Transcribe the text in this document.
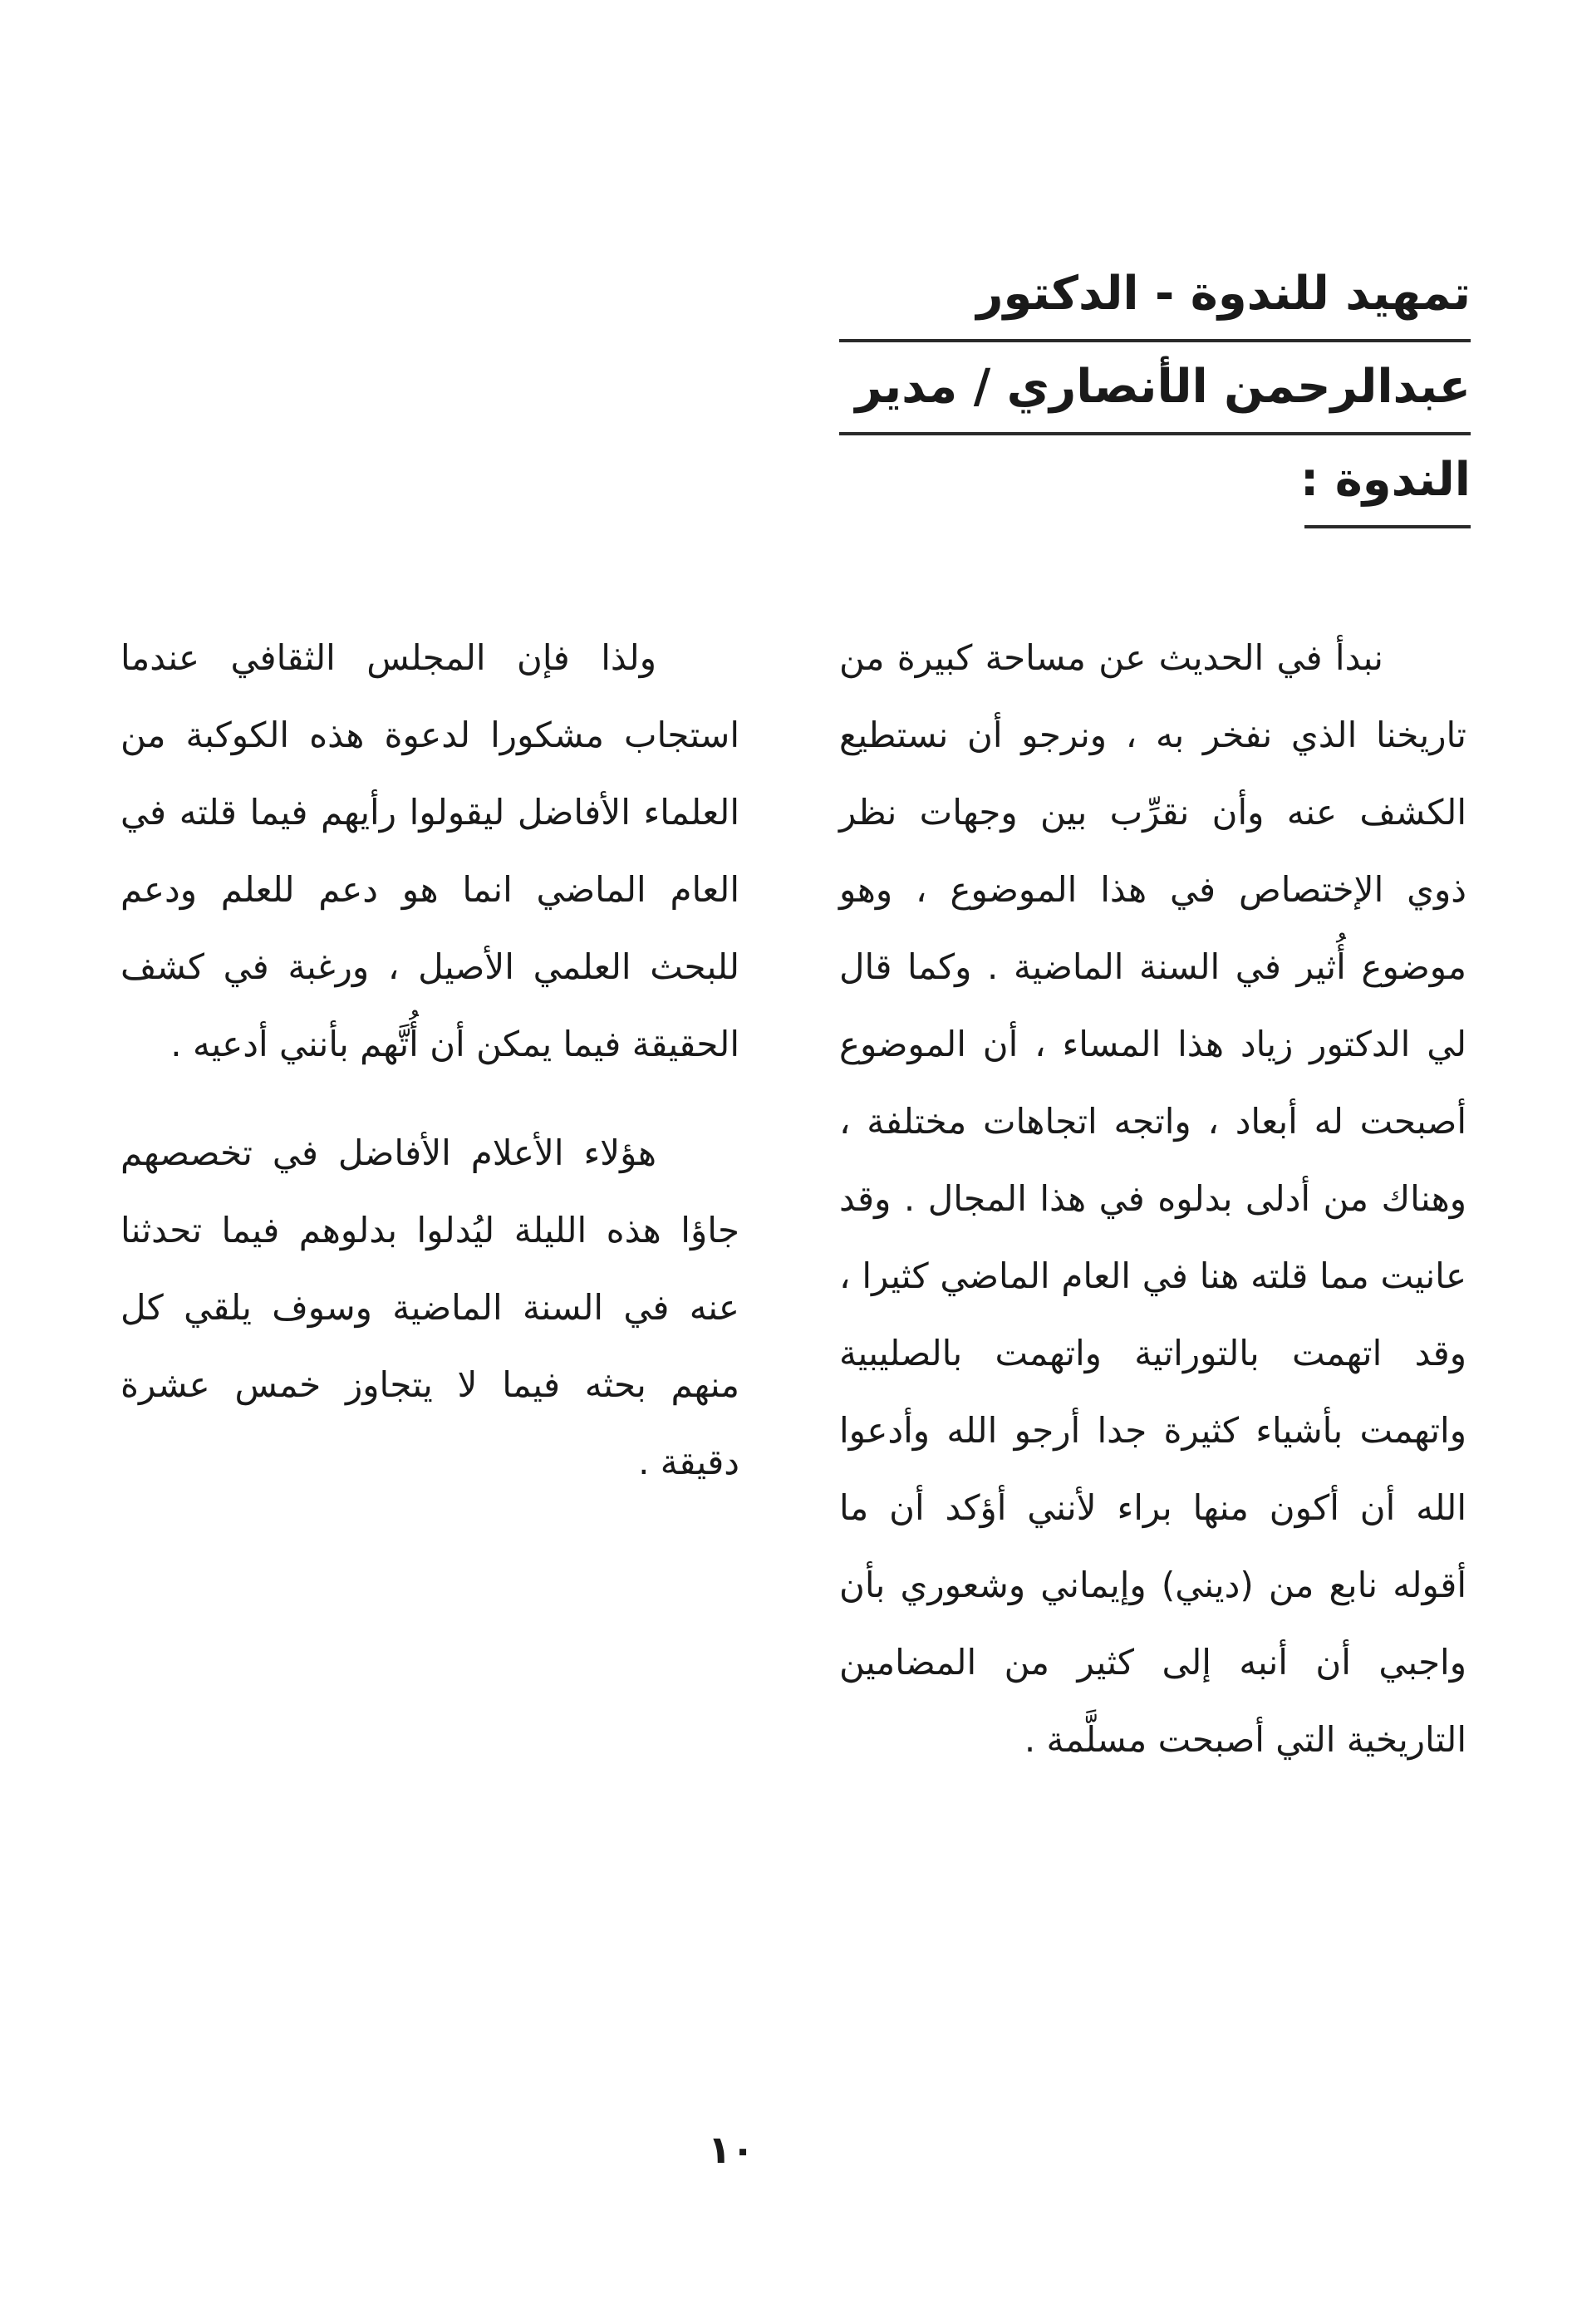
تمهيد للندوة - الدكتور
عبدالرحمن الأنصاري / مدير
الندوة :

نبدأ في الحديث عن مساحة كبيرة من تاريخنا الذي نفخر به ، ونرجو أن نستطيع الكشف عنه وأن نقرِّب بين وجهات نظر ذوي الإختصاص في هذا الموضوع ، وهو موضوع أُثير في السنة الماضية . وكما قال لي الدكتور زياد هذا المساء ، أن الموضوع أصبحت له أبعاد ، واتجه اتجاهات مختلفة ، وهناك من أدلى بدلوه في هذا المجال . وقد عانيت مما قلته هنا في العام الماضي كثيرا ، وقد اتهمت بالتوراتية واتهمت بالصليبية واتهمت بأشياء كثيرة جدا أرجو الله وأدعوا الله أن أكون منها براء لأنني أؤكد أن ما أقوله نابع من (ديني) وإيماني وشعوري بأن واجبي أن أنبه إلى كثير من المضامين التاريخية التي أصبحت مسلَّمة .

ولذا فإن المجلس الثقافي عندما استجاب مشكورا لدعوة هذه الكوكبة من العلماء الأفاضل ليقولوا رأيهم فيما قلته في العام الماضي انما هو دعم للعلم ودعم للبحث العلمي الأصيل ، ورغبة في كشف الحقيقة فيما يمكن أن أُتَّهم بأنني أدعيه .

هؤلاء الأعلام الأفاضل في تخصصهم جاؤا هذه الليلة ليُدلوا بدلوهم فيما تحدثنا عنه في السنة الماضية وسوف يلقي كل منهم بحثه فيما لا يتجاوز خمس عشرة دقيقة .

١٠
